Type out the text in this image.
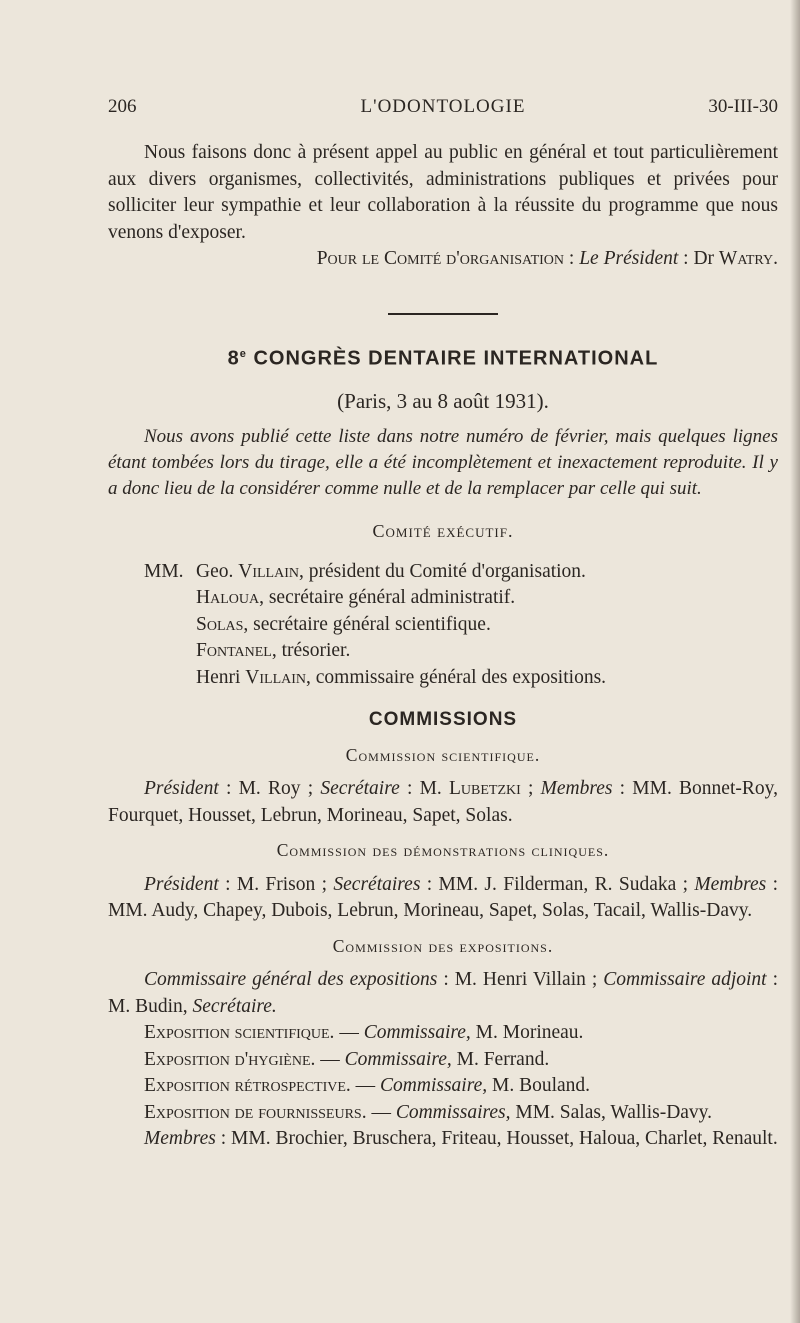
L'ODONTOLOGIE
206	30-III-30

Nous faisons donc à présent appel au public en général et tout particulièrement aux divers organismes, collectivités, administrations publiques et privées pour solliciter leur sympathie et leur collaboration à la réussite du programme que nous venons d'exposer.

Pour le Comité d'organisation : Le Président : Dr Watry.

8e CONGRÈS DENTAIRE INTERNATIONAL

(Paris, 3 au 8 août 1931).

Nous avons publié cette liste dans notre numéro de février, mais quelques lignes étant tombées lors du tirage, elle a été incomplètement et inexactement reproduite. Il y a donc lieu de la considérer comme nulle et de la remplacer par celle qui suit.

Comité exécutif.

MM. Geo. Villain, président du Comité d'organisation.
Haloua, secrétaire général administratif.
Solas, secrétaire général scientifique.
Fontanel, trésorier.
Henri Villain, commissaire général des expositions.

COMMISSIONS

Commission scientifique.

Président : M. Roy ; Secrétaire : M. Lubetzki ; Membres : MM. Bonnet-Roy, Fourquet, Housset, Lebrun, Morineau, Sapet, Solas.

Commission des démonstrations cliniques.

Président : M. Frison ; Secrétaires : MM. J. Filderman, R. Sudaka ; Membres : MM. Audy, Chapey, Dubois, Lebrun, Morineau, Sapet, Solas, Tacail, Wallis-Davy.

Commission des expositions.

Commissaire général des expositions : M. Henri Villain ; Commissaire adjoint : M. Budin, Secrétaire.

Exposition scientifique. — Commissaire, M. Morineau.

Exposition d'hygiène. — Commissaire, M. Ferrand.

Exposition rétrospective. — Commissaire, M. Bouland.

Exposition de fournisseurs. — Commissaires, MM. Salas, Wallis-Davy.

Membres : MM. Brochier, Bruschera, Friteau, Housset, Haloua, Charlet, Renault.
